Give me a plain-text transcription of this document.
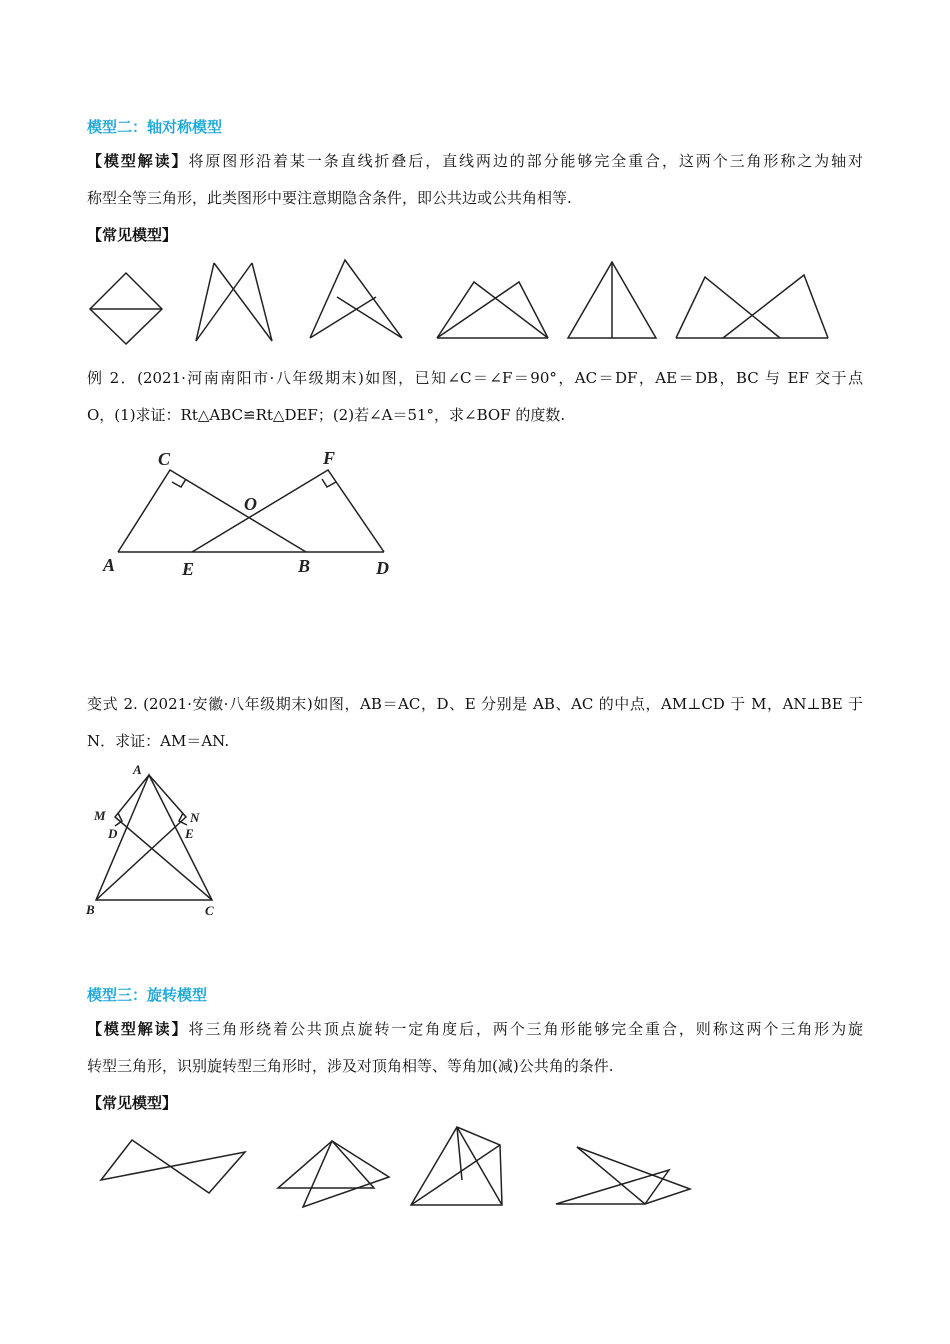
模型二：轴对称模型
【模型解读】将原图形沿着某一条直线折叠后，直线两边的部分能够完全重合，这两个三角形称之为轴对
称型全等三角形，此类图形中要注意期隐含条件，即公共边或公共角相等.
【常见模型】
A
C
O
F
E	B	D
A
M
D
N
E
B	C
例 2．(2021·河南南阳市·八年级期末)如图，已知∠C＝∠F＝90°，AC＝DF，AE＝DB，BC 与 EF 交于点
O，(1)求证：Rt△ABC≌Rt△DEF；(2)若∠A＝51°，求∠BOF 的度数.
变式 2. (2021·安徽·八年级期末)如图，AB＝AC，D、E 分别是 AB、AC 的中点，AM⊥CD 于 M，AN⊥BE 于
N．求证：AM＝AN.
模型三：旋转模型
【模型解读】将三角形绕着公共顶点旋转一定角度后，两个三角形能够完全重合，则称这两个三角形为旋
转型三角形，识别旋转型三角形时，涉及对顶角相等、等角加(减)公共角的条件.
【常见模型】
